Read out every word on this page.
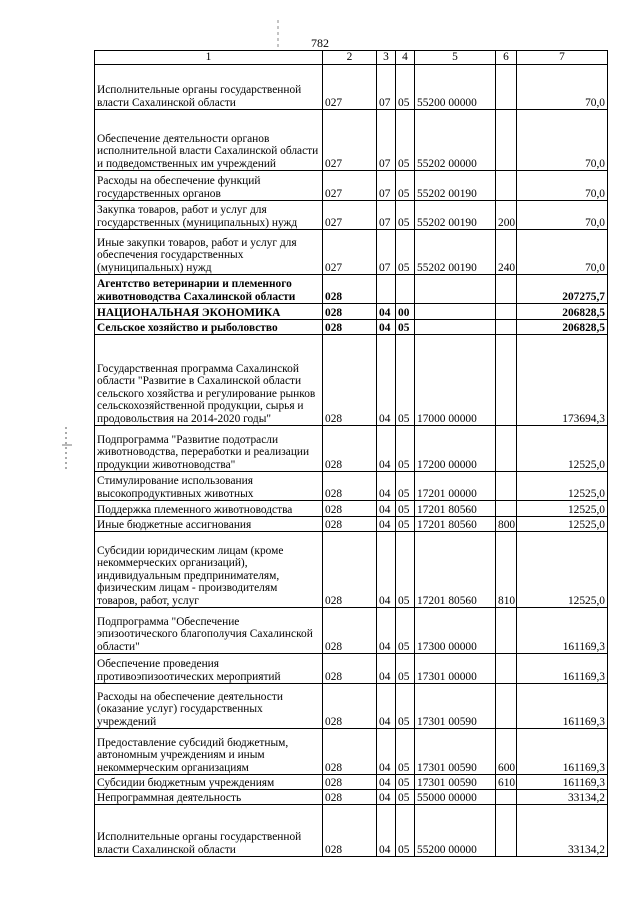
782
1	2	3	4	5	6	7
Исполнительные органы государственной власти Сахалинской области	027	07	05	55200 00000		70,0
Обеспечение деятельности органов исполнительной власти Сахалинской области и подведомственных им учреждений	027	07	05	55202 00000		70,0
Расходы на обеспечение функций государственных органов	027	07	05	55202 00190		70,0
Закупка товаров, работ и услуг для государственных (муниципальных) нужд	027	07	05	55202 00190	200	70,0
Иные закупки товаров, работ и услуг для обеспечения государственных (муниципальных) нужд	027	07	05	55202 00190	240	70,0
Агентство ветеринарии и племенного животноводства Сахалинской области	028					207275,7
НАЦИОНАЛЬНАЯ ЭКОНОМИКА	028	04	00			206828,5
Сельское хозяйство и рыболовство	028	04	05			206828,5
Государственная программа Сахалинской области "Развитие в Сахалинской области сельского хозяйства и регулирование рынков сельскохозяйственной продукции, сырья и продовольствия на 2014-2020 годы"	028	04	05	17000 00000		173694,3
Подпрограмма "Развитие подотрасли животноводства, переработки и реализации продукции животноводства"	028	04	05	17200 00000		12525,0
Стимулирование использования высокопродуктивных животных	028	04	05	17201 00000		12525,0
Поддержка племенного животноводства	028	04	05	17201 80560		12525,0
Иные бюджетные ассигнования	028	04	05	17201 80560	800	12525,0
Субсидии юридическим лицам (кроме некоммерческих организаций), индивидуальным предпринимателям, физическим лицам - производителям товаров, работ, услуг	028	04	05	17201 80560	810	12525,0
Подпрограмма "Обеспечение эпизоотического благополучия Сахалинской области"	028	04	05	17300 00000		161169,3
Обеспечение проведения противоэпизоотических мероприятий	028	04	05	17301 00000		161169,3
Расходы на обеспечение деятельности (оказание услуг) государственных учреждений	028	04	05	17301 00590		161169,3
Предоставление субсидий бюджетным, автономным учреждениям и иным некоммерческим организациям	028	04	05	17301 00590	600	161169,3
Субсидии бюджетным учреждениям	028	04	05	17301 00590	610	161169,3
Непрограммная деятельность	028	04	05	55000 00000		33134,2
Исполнительные органы государственной власти Сахалинской области	028	04	05	55200 00000		33134,2
